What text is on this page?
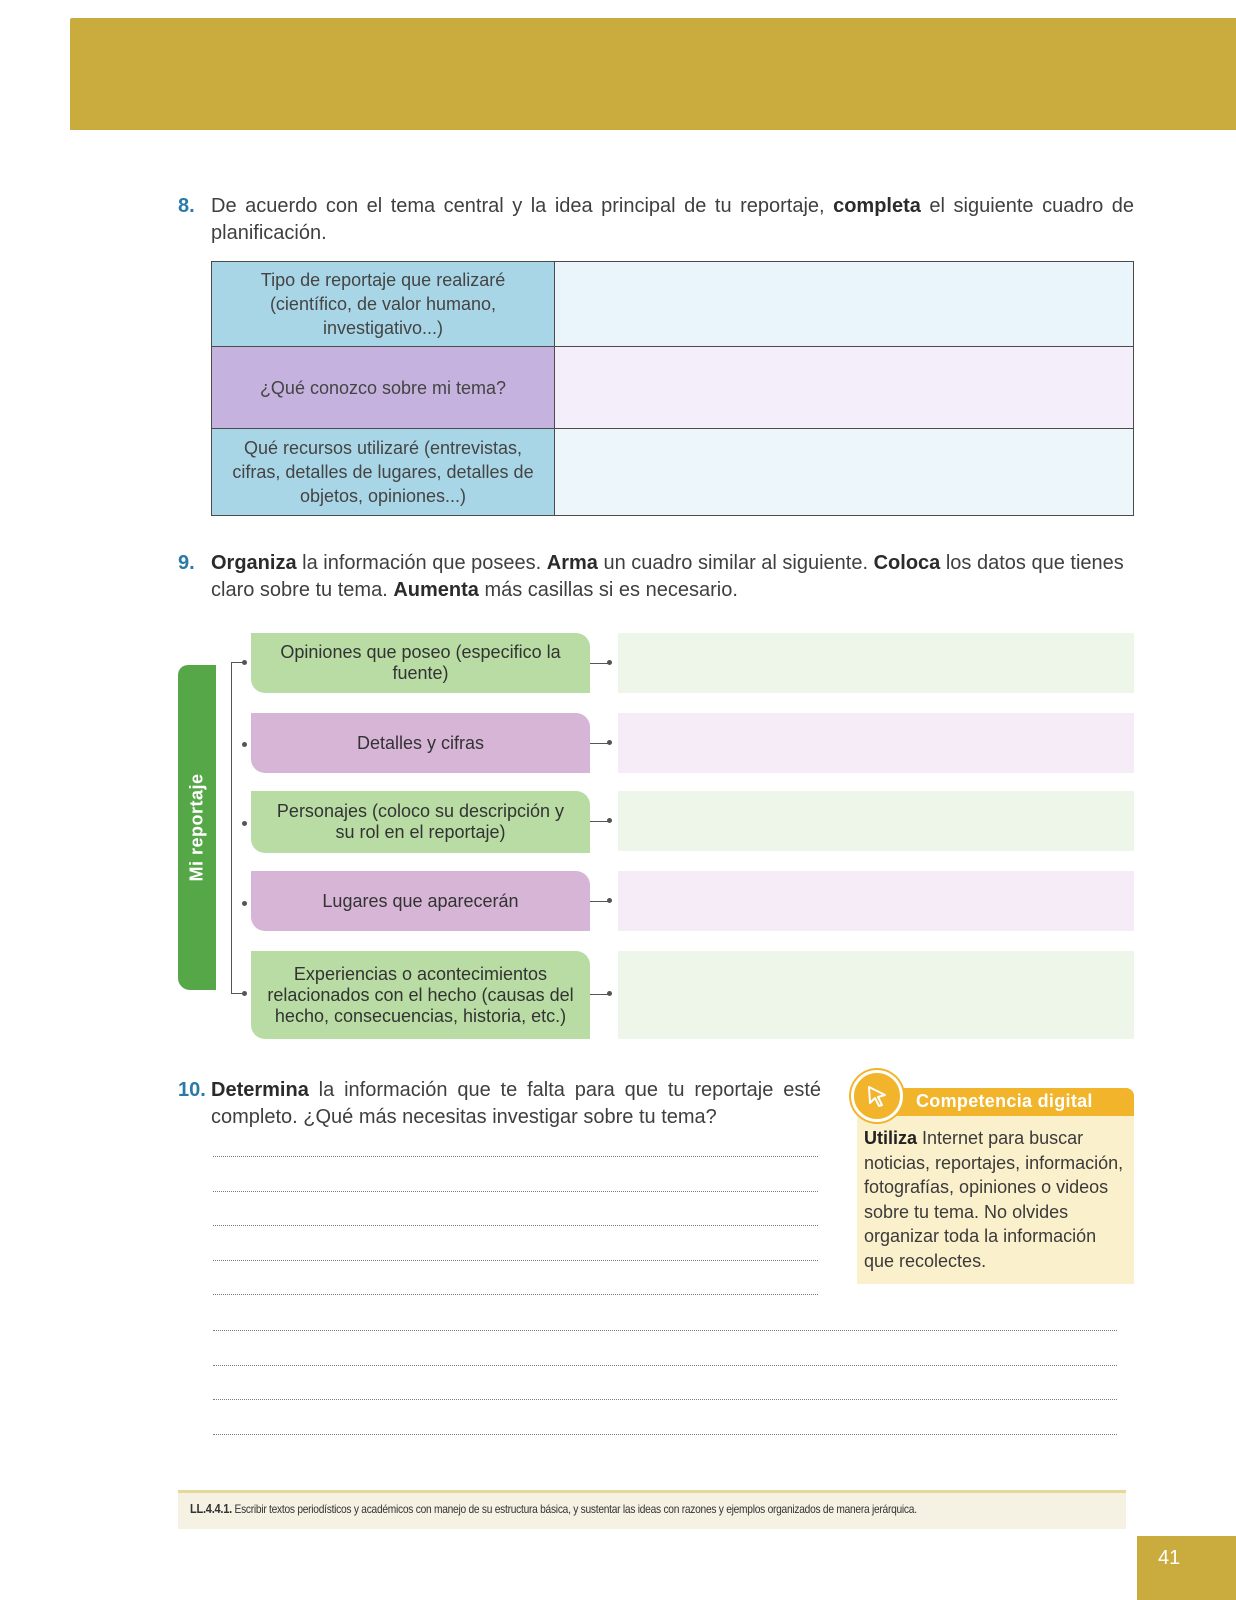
8. De acuerdo con el tema central y la idea principal de tu reportaje, completa el siguiente cuadro de planificación.
Tipo de reportaje que realizaré (científico, de valor humano, investigativo...)	
¿Qué conozco sobre mi tema?	
Qué recursos utilizaré (entrevistas, cifras, detalles de lugares, detalles de objetos, opiniones...)	
9. Organiza la información que posees. Arma un cuadro similar al siguiente. Coloca los datos que tienes claro sobre tu tema. Aumenta más casillas si es necesario.
Mi reportaje
Opiniones que poseo (especifico la fuente)
Detalles y cifras
Personajes (coloco su descripción y su rol en el reportaje)
Lugares que aparecerán
Experiencias o acontecimientos relacionados con el hecho (causas del hecho, consecuencias, historia, etc.)
10. Determina la información que te falta para que tu reportaje esté completo. ¿Qué más necesitas investigar sobre tu tema?
Competencia digital
Utiliza Internet para buscar noticias, reportajes, información, fotografías, opiniones o videos sobre tu tema. No olvides organizar toda la información que recolectes.
LL.4.4.1. Escribir textos periodísticos y académicos con manejo de su estructura básica, y sustentar las ideas con razones y ejemplos organizados de manera jerárquica.
41
